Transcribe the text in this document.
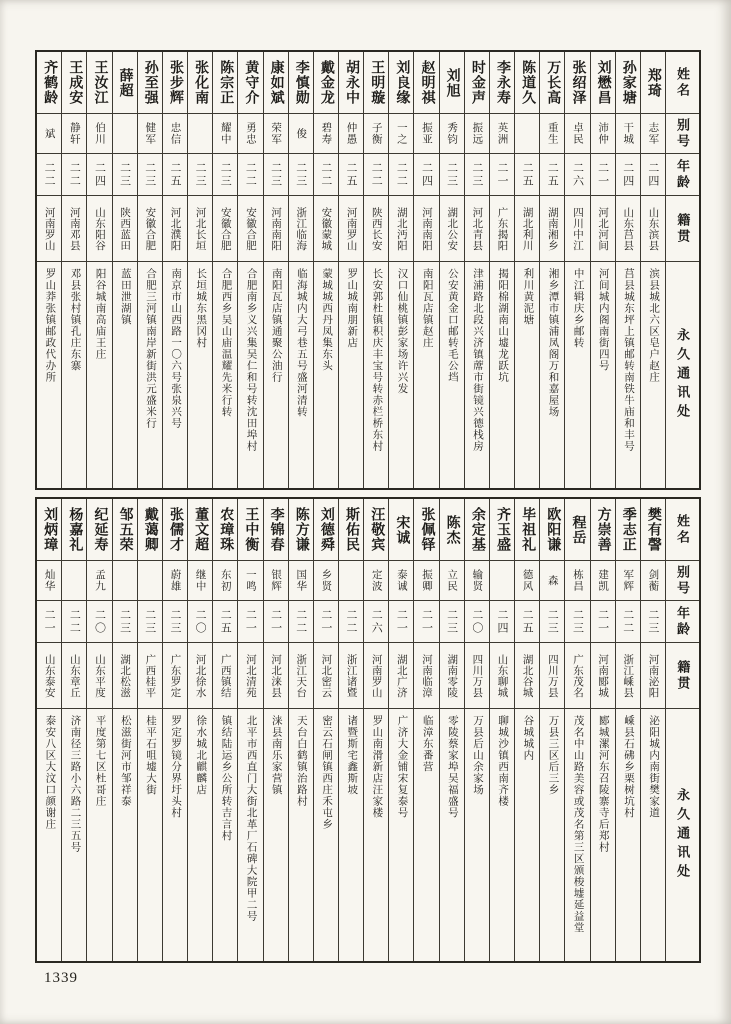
姓名
别号
年龄
籍贯
永久通讯处
郑琦
志军
二四
山东滨县
滨县城北六区皂户赵庄
孙家塘
干城
二四
山东莒县
莒县城东坪上镇邮转南铁牛庙和丰号
刘懋昌
沛仲
二一
河北河间
河间城内阁南街四号
张绍泽
卓民
二六
四川中江
中江辑庆乡邮转
万长高
重生
二五
湖南湘乡
湘乡潭市镇浦凤阁万和嘉屋场
陈道久
二五
湖北利川
利川黄泥塘
李永寿
英洲
二一
广东揭阳
揭阳棉湖南山墟龙跃坑
时金声
振远
二三
河北青县
津浦路北段兴济镇蓆市街镜兴德栈房
刘旭
秀钧
二三
湖北公安
公安黄金口邮转毛公垱
赵明祺
振亚
二四
河南南阳
南阳瓦店镇赵庄
刘良缘
一之
二二
湖北沔阳
汉口仙桃镇彭家场许兴发
王明璇
子衡
二二
陕西长安
长安郭杜镇积庆丰宝号转赤栏桥东村
胡永中
仲愚
二五
河南罗山
罗山城南朋新店
戴金龙
碧寿
二二
安徽蒙城
蒙城城西丹凤集东头
李慎勋
俊
二三
浙江临海
临海城内大弓巷五号盛河清转
康如斌
荣军
二三
河南南阳
南阳瓦店镇通聚公油行
黄守介
勇忠
二二
安徽合肥
合肥南乡义兴集吴仁和号转沈田埠村
陈宗正
耀中
二三
安徽合肥
合肥西乡吴山庙温耀先米行转
张化南
二三
河北长垣
长垣城东黑冈村
张步辉
忠信
二五
河北濮阳
南京市山西路一〇六号张泉兴号
孙至强
健军
二三
安徽合肥
合肥三河镇南岸新街洪元盛米行
薛超
二三
陕西蓝田
蓝田泄湖镇
王汝江
伯川
二四
山东阳谷
阳谷城南高庙王庄
王成安
静轩
二二
河南邓县
邓县张村镇孔庄东寨
齐鹤龄
斌
二二
河南罗山
罗山莽张镇邮政代办所
姓名
别号
年龄
籍贯
永久通讯处
樊有謦
剑蘅
二三
河南泌阳
泌阳城内南街樊家道
季志正
军辉
二二
浙江嵊县
嵊县石砩乡栗树坑村
方崇善
建凯
二一
河南郾城
郾城漯河东召陵寨寺后郑村
程岳
栋昌
二三
广东茂名
茂名中山路美容或茂名第三区颁梭墟延益堂
欧阳谦
森
二三
四川万县
万县三区后三乡
毕祖礼
德风
二五
湖北谷城
谷城城内
齐玉盛
二四
山东聊城
聊城沙镇西南齐楼
余定基
输贤
二〇
四川万县
万县后山余家场
陈杰
立民
二三
湖南零陵
零陵蔡家埠吴福盛号
张佩铎
振卿
二一
河南临漳
临漳东番营
宋诚
泰诚
二一
湖北广济
广济大金铺宋复泰号
汪敬宾
定波
二六
河南罗山
罗山南滑新店汪家楼
斯佑民
二二
浙江诸暨
诸暨斯宅鑫斯坡
刘德舜
乡贤
二一
河北密云
密云石闸镇西庄禾屯乡
陈方谦
国华
二二
浙江天台
天台白鹤镇治路村
李锦春
银辉
二一
河北涞县
涞县南乐家营镇
王中衡
一鸣
二一
河北清苑
北平市西直门大街北革厂石碑大院甲二号
农璋珠
东初
二五
广西镇结
镇结陆运乡公所转吉言村
董文超
继中
二〇
河北徐水
徐水城北麒麟店
张儒才
蔚雄
二三
广东罗定
罗定罗镜分界圩头村
戴蔼卿
二三
广西桂平
桂平石咀墟大街
邹五荣
二三
湖北松滋
松滋街河市邹祥泰
纪延寿
孟九
二〇
山东平度
平度第七区杜哥庄
杨嘉礼
二二
山东章丘
济南径三路小六路二三五号
刘炳璋
灿华
二一
山东泰安
泰安八区大汶口颜谢庄
1339
